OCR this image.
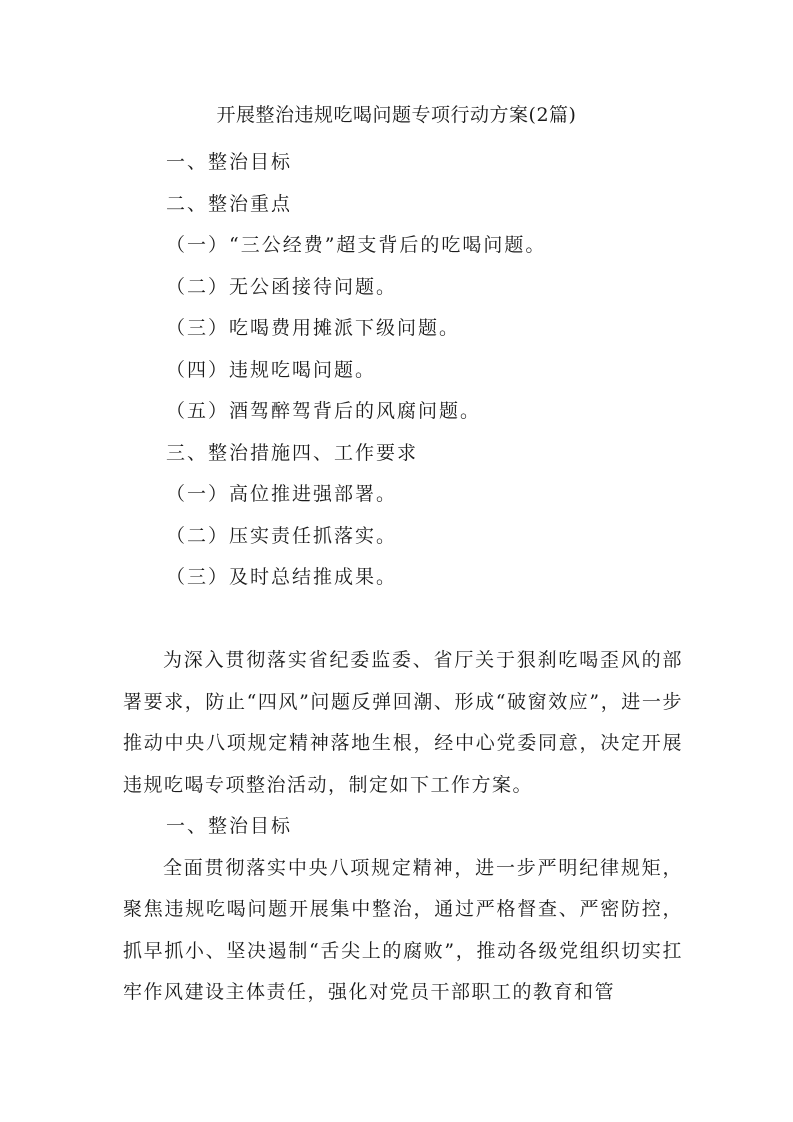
开展整治违规吃喝问题专项行动方案(2篇)
一、整治目标
二、整治重点
（一）“三公经费”超支背后的吃喝问题。
（二）无公函接待问题。
（三）吃喝费用摊派下级问题。
（四）违规吃喝问题。
（五）酒驾醉驾背后的风腐问题。
三、整治措施四、工作要求
（一）高位推进强部署。
（二）压实责任抓落实。
（三）及时总结推成果。

为深入贯彻落实省纪委监委、省厅关于狠刹吃喝歪风的部署要求，防止“四风”问题反弹回潮、形成“破窗效应”，进一步推动中央八项规定精神落地生根，经中心党委同意，决定开展违规吃喝专项整治活动，制定如下工作方案。

一、整治目标

全面贯彻落实中央八项规定精神，进一步严明纪律规矩，聚焦违规吃喝问题开展集中整治，通过严格督查、严密防控，抓早抓小、坚决遏制“舌尖上的腐败”，推动各级党组织切实扛牢作风建设主体责任，强化对党员干部职工的教育和管
